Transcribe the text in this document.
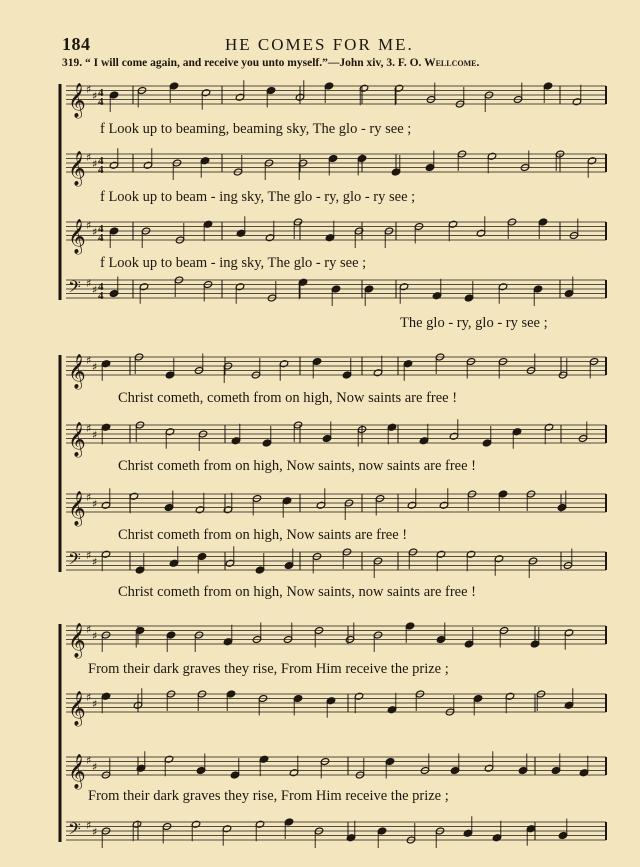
184	HE COMES FOR ME.
319. “ I will come again, and receive you unto myself.”—John xiv, 3. F. O. Wellcome.
𝄞 ♯
♯ 4
4
𝄞 ♯
♯ 4
4
𝄞 ♯
♯ 4
4
𝄢 ♯
♯ 4
4
𝄞 ♯
♯
𝄞 ♯
♯
𝄞 ♯
♯
𝄢 ♯
♯
𝄞 ♯
♯
𝄞 ♯
♯
𝄞 ♯
♯
𝄢 ♯
♯
f Look up to beaming, beaming sky, The glo - ry see ;
f Look up to beam - ing sky, The glo - ry, glo - ry see ;
f Look up to beam - ing sky, The glo - ry see ;
The glo - ry, glo - ry see ;
Christ cometh, cometh from on high, Now saints are free !
Christ cometh from on high, Now saints, now saints are free !
Christ cometh from on high, Now saints are free !
Christ cometh from on high, Now saints, now saints are free !
From their dark graves they rise, From Him receive the prize ;
From their dark graves they rise, From Him receive the prize ;
